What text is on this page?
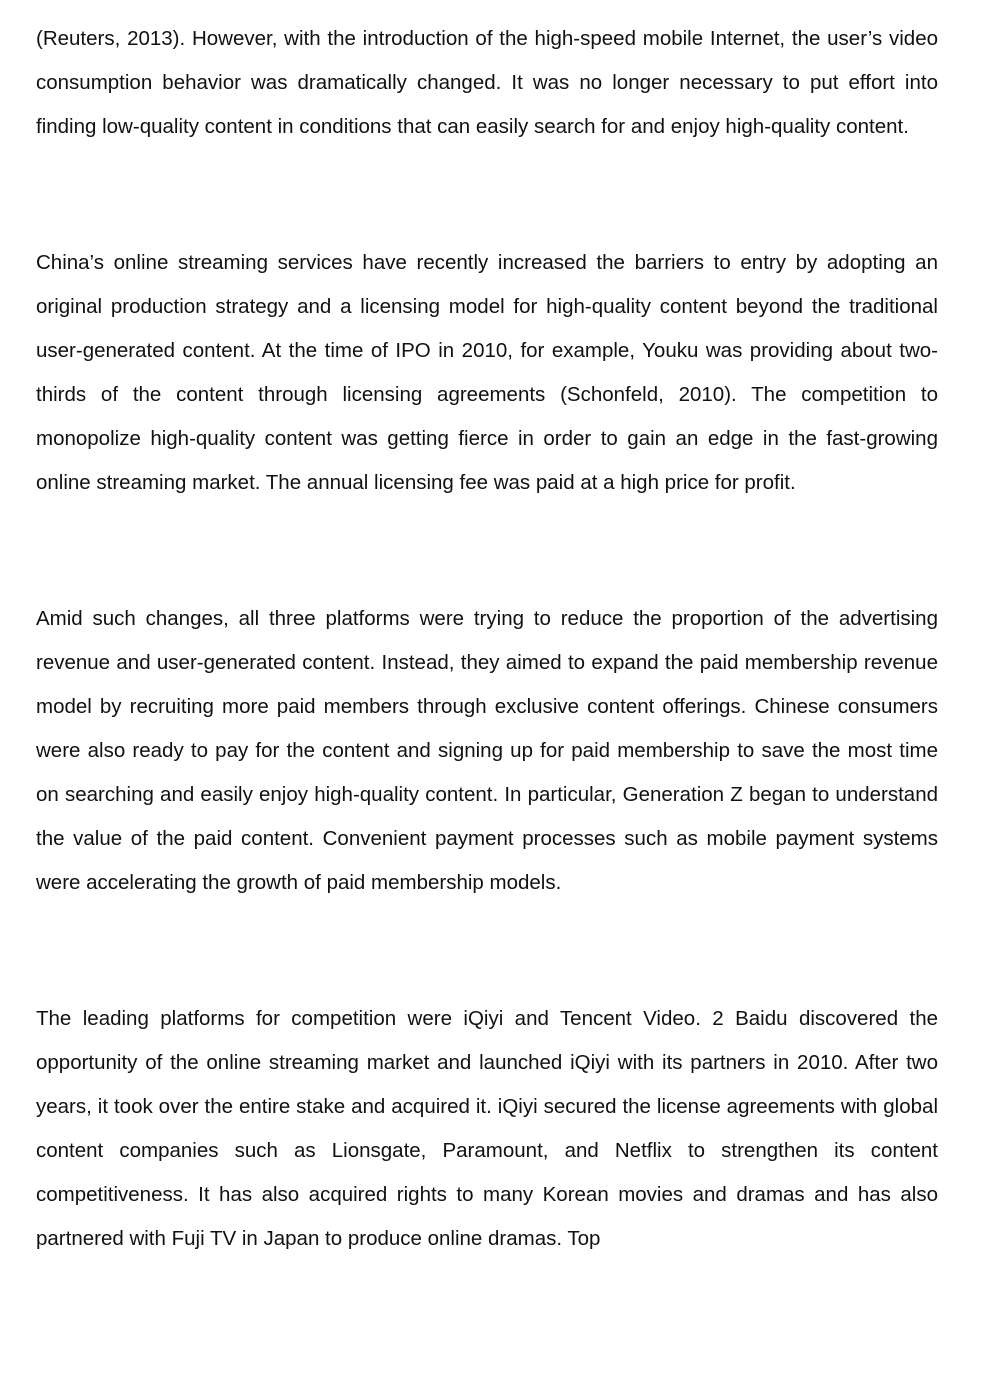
(Reuters, 2013). However, with the introduction of the high-speed mobile Internet, the user’s video consumption behavior was dramatically changed. It was no longer necessary to put effort into finding low-quality content in conditions that can easily search for and enjoy high-quality content.

China’s online streaming services have recently increased the barriers to entry by adopting an original production strategy and a licensing model for high-quality content beyond the traditional user-generated content. At the time of IPO in 2010, for example, Youku was providing about two-thirds of the content through licensing agreements (Schonfeld, 2010). The competition to monopolize high-quality content was getting fierce in order to gain an edge in the fast-growing online streaming market. The annual licensing fee was paid at a high price for profit.

Amid such changes, all three platforms were trying to reduce the proportion of the advertising revenue and user-generated content. Instead, they aimed to expand the paid membership revenue model by recruiting more paid members through exclusive content offerings. Chinese consumers were also ready to pay for the content and signing up for paid membership to save the most time on searching and easily enjoy high-quality content. In particular, Generation Z began to understand the value of the paid content. Convenient payment processes such as mobile payment systems were accelerating the growth of paid membership models.

The leading platforms for competition were iQiyi and Tencent Video. 2 Baidu discovered the opportunity of the online streaming market and launched iQiyi with its partners in 2010. After two years, it took over the entire stake and acquired it. iQiyi secured the license agreements with global content companies such as Lionsgate, Paramount, and Netflix to strengthen its content competitiveness. It has also acquired rights to many Korean movies and dramas and has also partnered with Fuji TV in Japan to produce online dramas. Top
